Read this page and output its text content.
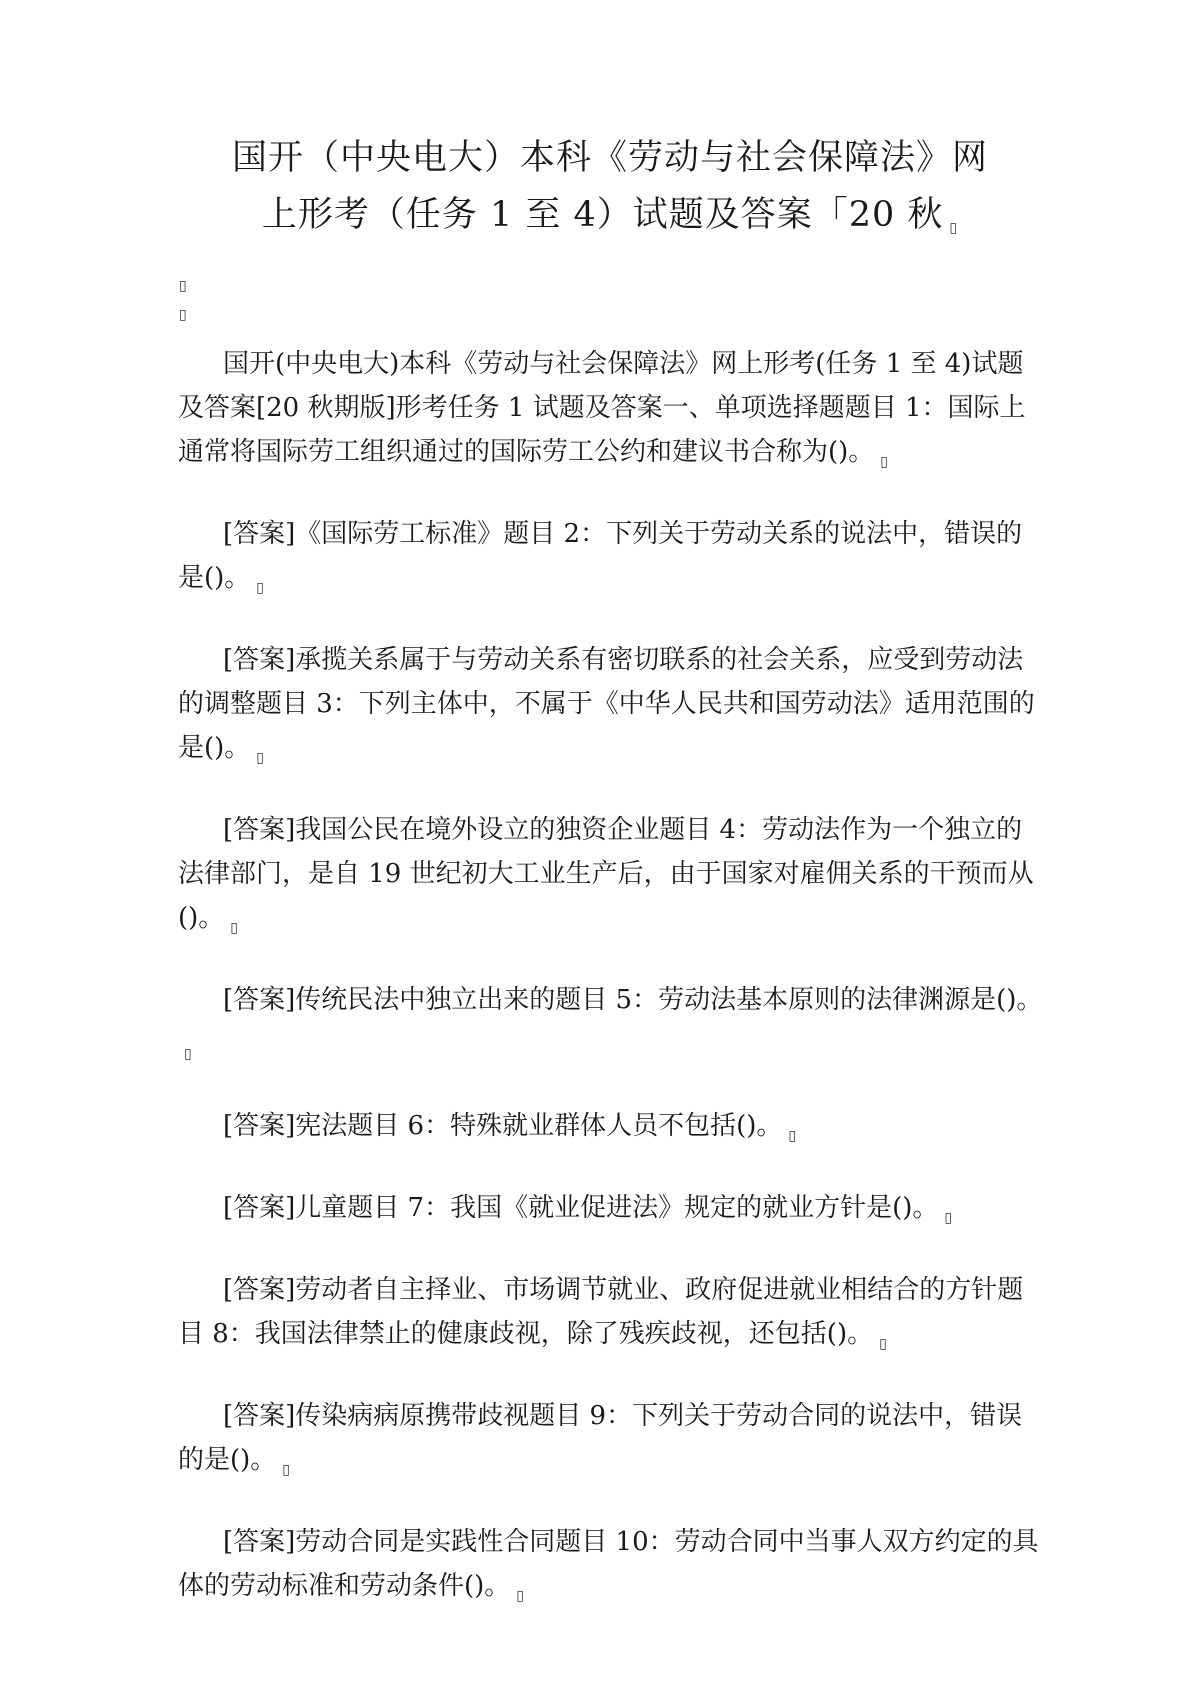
国开（中央电大）本科《劳动与社会保障法》网
上形考（任务 1 至 4）试题及答案「20 秋 ▯
▯
▯

国开(中央电大)本科《劳动与社会保障法》网上形考(任务 1 至 4)试题及答案[20 秋期版]形考任务 1 试题及答案一、单项选择题题目 1：国际上通常将国际劳工组织通过的国际劳工公约和建议书合称为()。 $_▯$

[答案]《国际劳工标准》题目 2：下列关于劳动关系的说法中，错误的是()。 $_▯$

[答案]承揽关系属于与劳动关系有密切联系的社会关系，应受到劳动法的调整题目 3：下列主体中，不属于《中华人民共和国劳动法》适用范围的是()。 $_▯$

[答案]我国公民在境外设立的独资企业题目 4：劳动法作为一个独立的法律部门，是自 19 世纪初大工业生产后，由于国家对雇佣关系的干预而从()。 $_▯$

[答案]传统民法中独立出来的题目 5：劳动法基本原则的法律渊源是()。$_▯$

[答案]宪法题目 6：特殊就业群体人员不包括()。 $_▯$

[答案]儿童题目 7：我国《就业促进法》规定的就业方针是()。 $_▯$

[答案]劳动者自主择业、市场调节就业、政府促进就业相结合的方针题目 8：我国法律禁止的健康歧视，除了残疾歧视，还包括()。 $_▯$

[答案]传染病病原携带歧视题目 9：下列关于劳动合同的说法中，错误的是()。 $_▯$

[答案]劳动合同是实践性合同题目 10：劳动合同中当事人双方约定的具体的劳动标准和劳动条件()。 $_▯$
